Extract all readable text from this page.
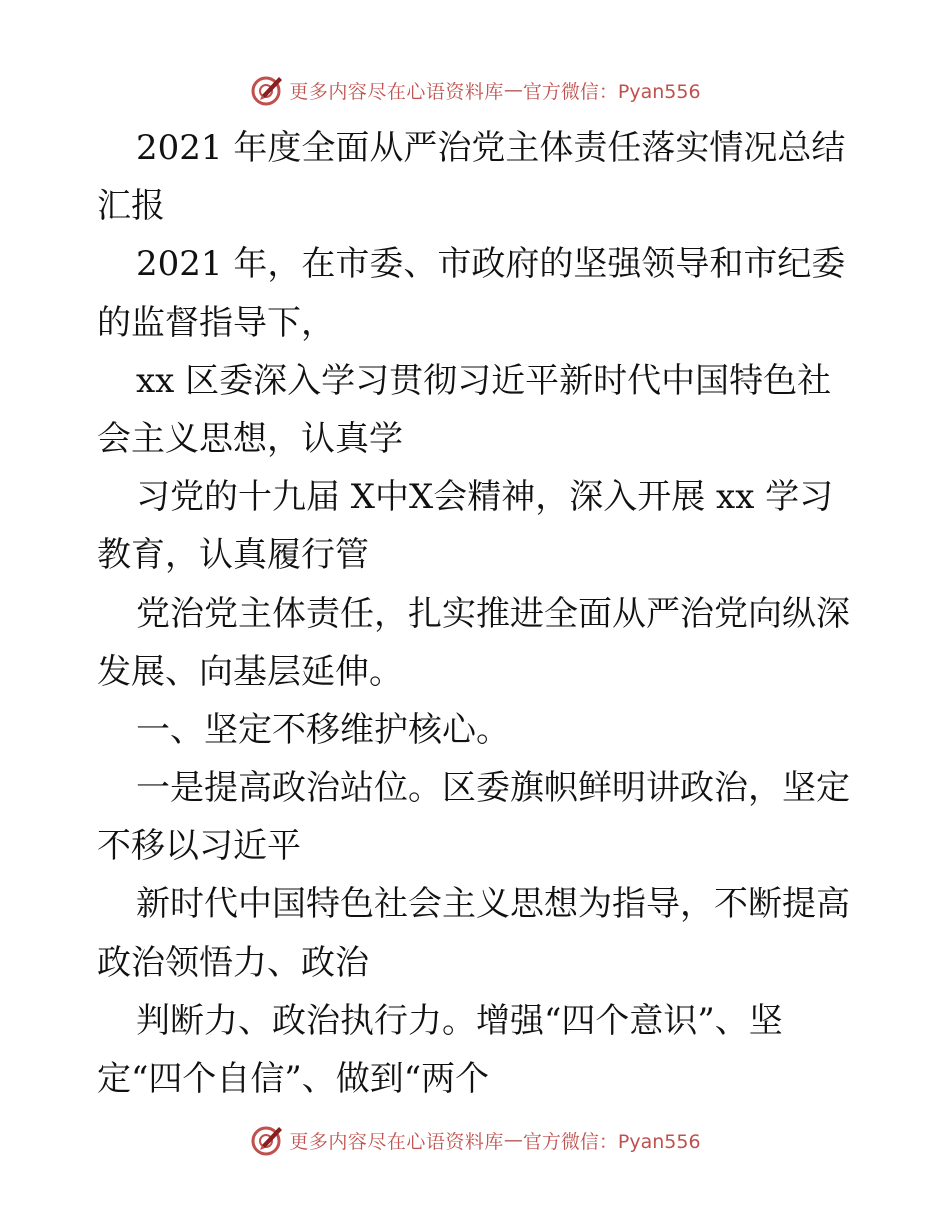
更多内容尽在心语资料库 — 官方微信：Pyan556
2021 年度全面从严治党主体责任落实情况总结
汇报
2021 年，在市委、市政府的坚强领导和市纪委
的监督指导下，
xx 区委深入学习贯彻习近平新时代中国特色社
会主义思想，认真学
习党的十九届 X中X会精神，深入开展 xx 学习
教育，认真履行管
党治党主体责任，扎实推进全面从严治党向纵深
发展、向基层延伸。
一、坚定不移维护核心。
一是提高政治站位。区委旗帜鲜明讲政治，坚定
不移以习近平
新时代中国特色社会主义思想为指导，不断提高
政治领悟力、政治
判断力、政治执行力。增强“四个意识”、坚
定“四个自信”、做到“两个
更多内容尽在心语资料库 — 官方微信：Pyan556
